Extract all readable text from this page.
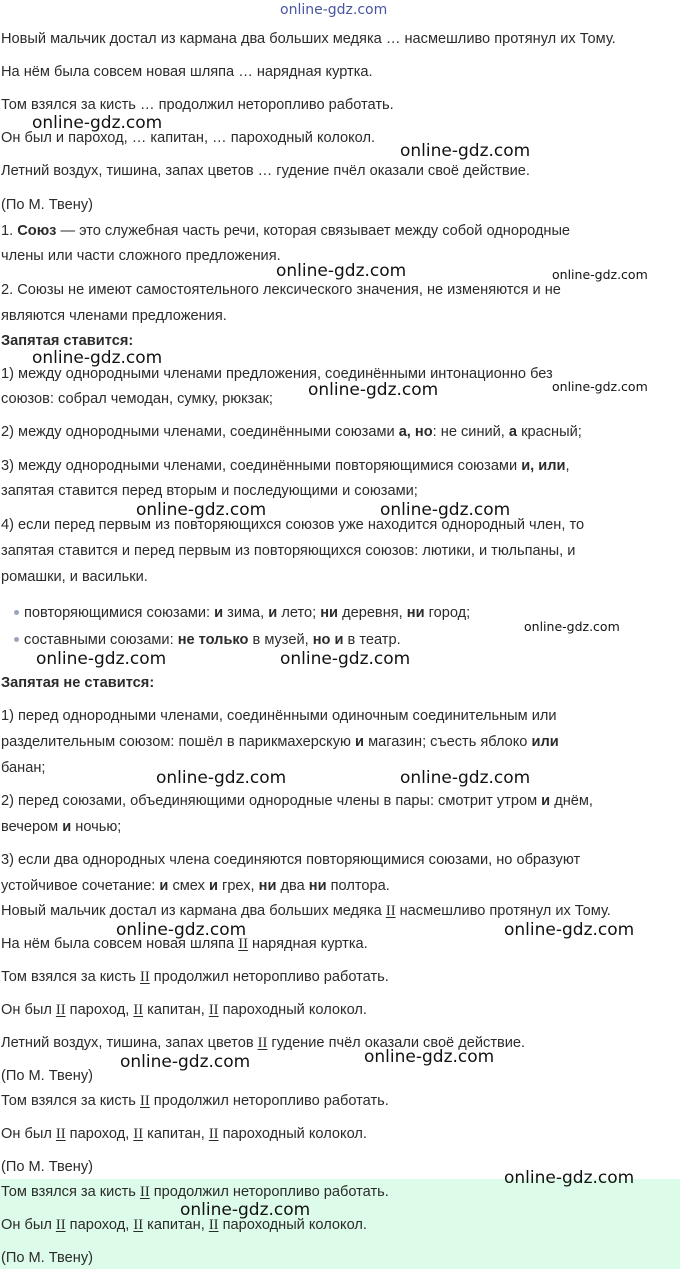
online-gdz.com
Новый мальчик достал из кармана два больших медяка … насмешливо протянул их Тому.
На нём была совсем новая шляпа … нарядная куртка.
Том взялся за кисть … продолжил неторопливо работать.
Он был и пароход, … капитан, … пароходный колокол.
Летний воздух, тишина, запах цветов … гудение пчёл оказали своё действие.
(По М. Твену)
1. Союз — это служебная часть речи, которая связывает между собой однородные
члены или части сложного предложения.
2. Союзы не имеют самостоятельного лексического значения, не изменяются и не
являются членами предложения.
Запятая ставится:
1) между однородными членами предложения, соединёнными интонационно без
союзов: собрал чемодан, сумку, рюкзак;
2) между однородными членами, соединёнными союзами а, но: не синий, а красный;
3) между однородными членами, соединёнными повторяющимися союзами и, или,
запятая ставится перед вторым и последующими и союзами;
4) если перед первым из повторяющихся союзов уже находится однородный член, то
запятая ставится и перед первым из повторяющихся союзов: лютики, и тюльпаны, и
ромашки, и васильки.
повторяющимися союзами: и зима, и лето; ни деревня, ни город;
составными союзами: не только в музей, но и в театр.
Запятая не ставится:
1) перед однородными членами, соединёнными одиночным соединительным или
разделительным союзом: пошёл в парикмахерскую и магазин; съесть яблоко или
банан;
2) перед союзами, объединяющими однородные члены в пары: смотрит утром и днём,
вечером и ночью;
3) если два однородных члена соединяются повторяющимися союзами, но образуют
устойчивое сочетание: и смех и грех, ни два ни полтора.
Новый мальчик достал из кармана два больших медяка II насмешливо протянул их Тому.
На нём была совсем новая шляпа II нарядная куртка.
Том взялся за кисть II продолжил неторопливо работать.
Он был II пароход, II капитан, II пароходный колокол.
Летний воздух, тишина, запах цветов II гудение пчёл оказали своё действие.
(По М. Твену)
Том взялся за кисть II продолжил неторопливо работать.
Он был II пароход, II капитан, II пароходный колокол.
(По М. Твену)
Том взялся за кисть II продолжил неторопливо работать.
Он был II пароход, II капитан, II пароходный колокол.
(По М. Твену)
online-gdz.com
online-gdz.com
online-gdz.com	online-gdz.com
online-gdz.com
online-gdz.com	online-gdz.com
online-gdz.com	online-gdz.com
online-gdz.com
online-gdz.com	online-gdz.com
online-gdz.com	online-gdz.com
online-gdz.com	online-gdz.com
online-gdz.com	online-gdz.com
online-gdz.com
online-gdz.com
